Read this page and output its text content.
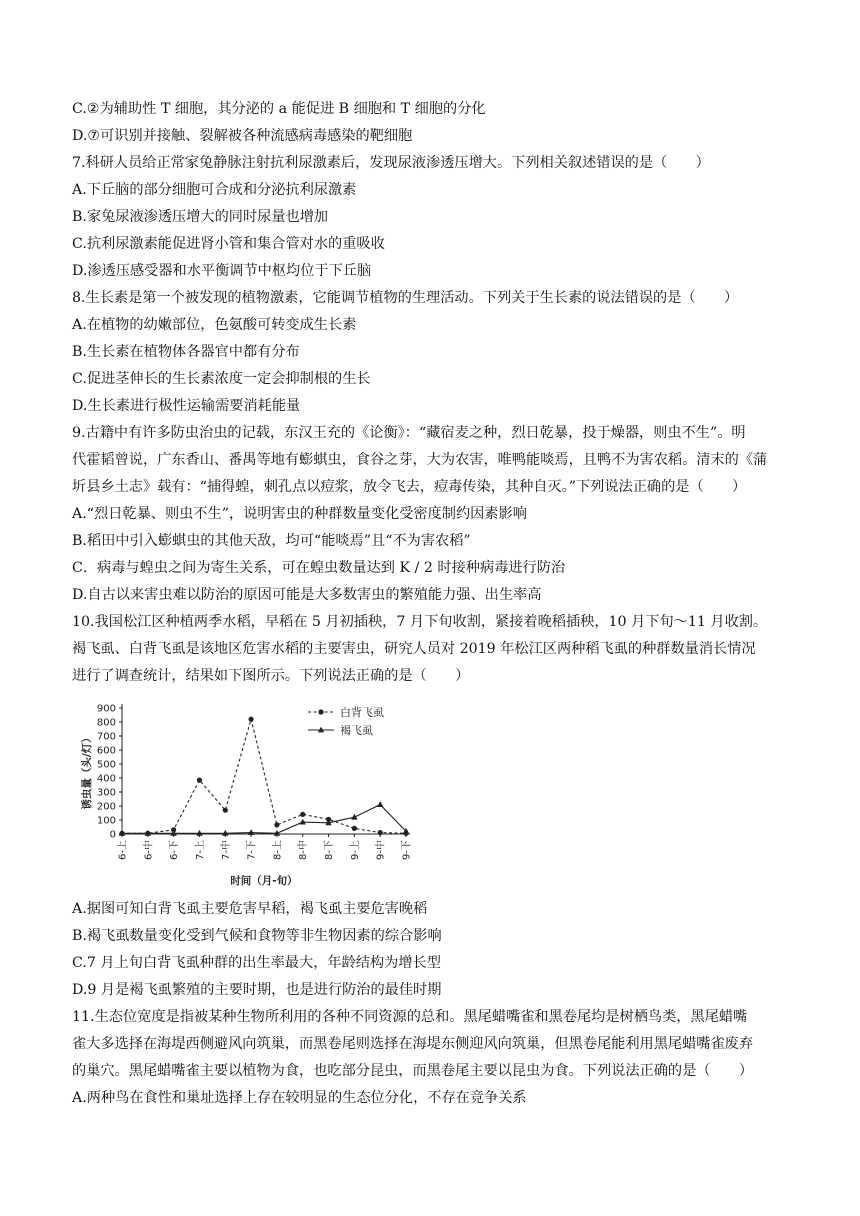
C.②为辅助性 T 细胞，其分泌的 a 能促进 B 细胞和 T 细胞的分化
D.⑦可识别并接触、裂解被各种流感病毒感染的靶细胞
7.科研人员给正常家兔静脉注射抗利尿激素后，发现尿液渗透压增大。下列相关叙述错误的是（　　）
A.下丘脑的部分细胞可合成和分泌抗利尿激素
B.家兔尿液渗透压增大的同时尿量也增加
C.抗利尿激素能促进肾小管和集合管对水的重吸收
D.渗透压感受器和水平衡调节中枢均位于下丘脑
8.生长素是第一个被发现的植物激素，它能调节植物的生理活动。下列关于生长素的说法错误的是（　　）
A.在植物的幼嫩部位，色氨酸可转变成生长素
B.生长素在植物体各器官中都有分布
C.促进茎伸长的生长素浓度一定会抑制根的生长
D.生长素进行极性运输需要消耗能量
9.古籍中有许多防虫治虫的记载，东汉王充的《论衡》：“藏宿麦之种，烈日乾暴，投于燥器，则虫不生”。明
代霍韬曾说，广东香山、番禺等地有蟛蜞虫，食谷之芽，大为农害，唯鸭能啖焉，且鸭不为害农稻。清末的《蒲
圻县乡土志》载有：“捕得蝗，刺孔点以痘浆，放令飞去，痘毒传染，其种自灭。”下列说法正确的是（　　）
A.“烈日乾暴、则虫不生”，说明害虫的种群数量变化受密度制约因素影响
B.稻田中引入蟛蜞虫的其他天敌，均可“能啖焉”且“不为害农稻”
C．病毒与蝗虫之间为寄生关系，可在蝗虫数量达到 K / 2 时接种病毒进行防治
D.自古以来害虫难以防治的原因可能是大多数害虫的繁殖能力强、出生率高
10.我国松江区种植两季水稻，早稻在 5 月初插秧，7 月下旬收割，紧接着晚稻插秧，10 月下旬～11 月收割。
褐飞虱、白背飞虱是该地区危害水稻的主要害虫，研究人员对 2019 年松江区两种稻飞虱的种群数量消长情况
进行了调查统计，结果如下图所示。下列说法正确的是（　　）
0
100
200
300
400
500
600
700
800
900
诱虫量（头/灯）
6-上 6-中 6-下 7-上 7-中 7-下 8-上 8-中 8-下 9-上 9-中 9-下
时间（月-旬）
白背飞虱
褐飞虱
A.据图可知白背飞虱主要危害早稻，褐飞虱主要危害晚稻
B.褐飞虱数量变化受到气候和食物等非生物因素的综合影响
C.7 月上旬白背飞虱种群的出生率最大，年龄结构为增长型
D.9 月是褐飞虱繁殖的主要时期，也是进行防治的最佳时期
11.生态位宽度是指被某种生物所利用的各种不同资源的总和。黑尾蜡嘴雀和黑卷尾均是树栖鸟类，黑尾蜡嘴
雀大多选择在海堤西侧避风向筑巢，而黑卷尾则选择在海堤东侧迎风向筑巢，但黑卷尾能利用黑尾蜡嘴雀废弃
的巢穴。黑尾蜡嘴雀主要以植物为食，也吃部分昆虫，而黑卷尾主要以昆虫为食。下列说法正确的是（　　）
A.两种鸟在食性和巢址选择上存在较明显的生态位分化，不存在竞争关系
